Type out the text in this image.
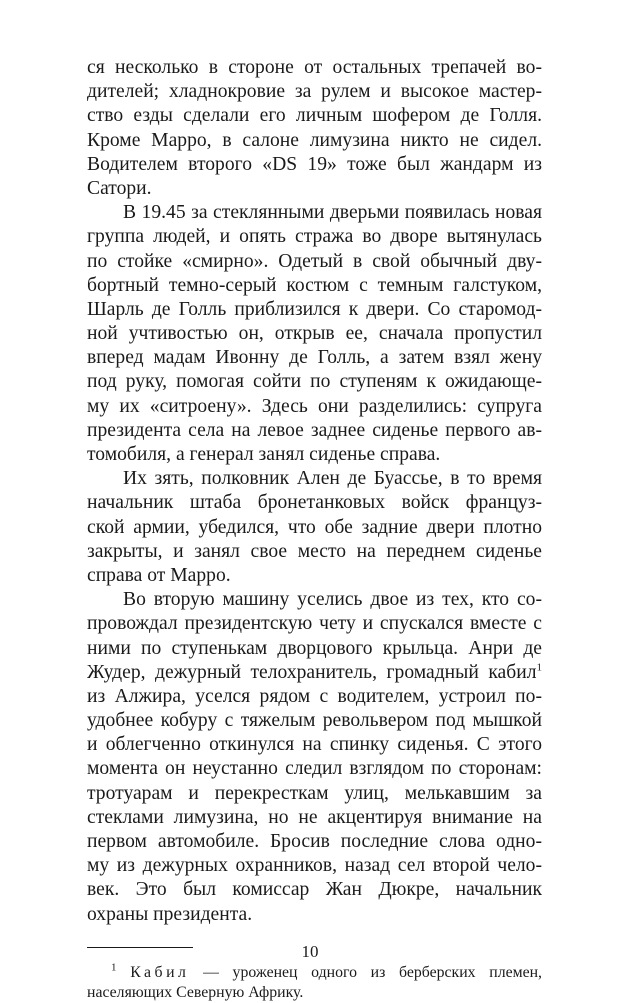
ся несколько в стороне от остальных трепачей во-
дителей; хладнокровие за рулем и высокое мастер-
ство езды сделали его личным шофером де Голля.
Кроме Марро, в салоне лимузина никто не сидел.
Водителем второго «DS 19» тоже был жандарм из
Сатори.
В 19.45 за стеклянными дверьми появилась новая
группа людей, и опять стража во дворе вытянулась
по стойке «смирно». Одетый в свой обычный дву-
бортный темно-серый костюм с темным галстуком,
Шарль де Голль приблизился к двери. Со старомод-
ной учтивостью он, открыв ее, сначала пропустил
вперед мадам Ивонну де Голль, а затем взял жену
под руку, помогая сойти по ступеням к ожидающе-
му их «ситроену». Здесь они разделились: супруга
президента села на левое заднее сиденье первого ав-
томобиля, а генерал занял сиденье справа.
Их зять, полковник Ален де Буассье, в то время
начальник штаба бронетанковых войск француз-
ской армии, убедился, что обе задние двери плотно
закрыты, и занял свое место на переднем сиденье
справа от Марро.
Во вторую машину уселись двое из тех, кто со-
провождал президентскую чету и спускался вместе с
ними по ступенькам дворцового крыльца. Анри де
Жудер, дежурный телохранитель, громадный кабил$^1$
из Алжира, уселся рядом с водителем, устроил по-
удобнее кобуру с тяжелым револьвером под мышкой
и облегченно откинулся на спинку сиденья. С этого
момента он неустанно следил взглядом по сторонам:
тротуарам и перекресткам улиц, мелькавшим за
стеклами лимузина, но не акцентируя внимание на
первом автомобиле. Бросив последние слова одно-
му из дежурных охранников, назад сел второй чело-
век. Это был комиссар Жан Дюкре, начальник
охраны президента.
$^1$ Кабил — уроженец одного из берберских племен,
населяющих Северную Африку.
10
